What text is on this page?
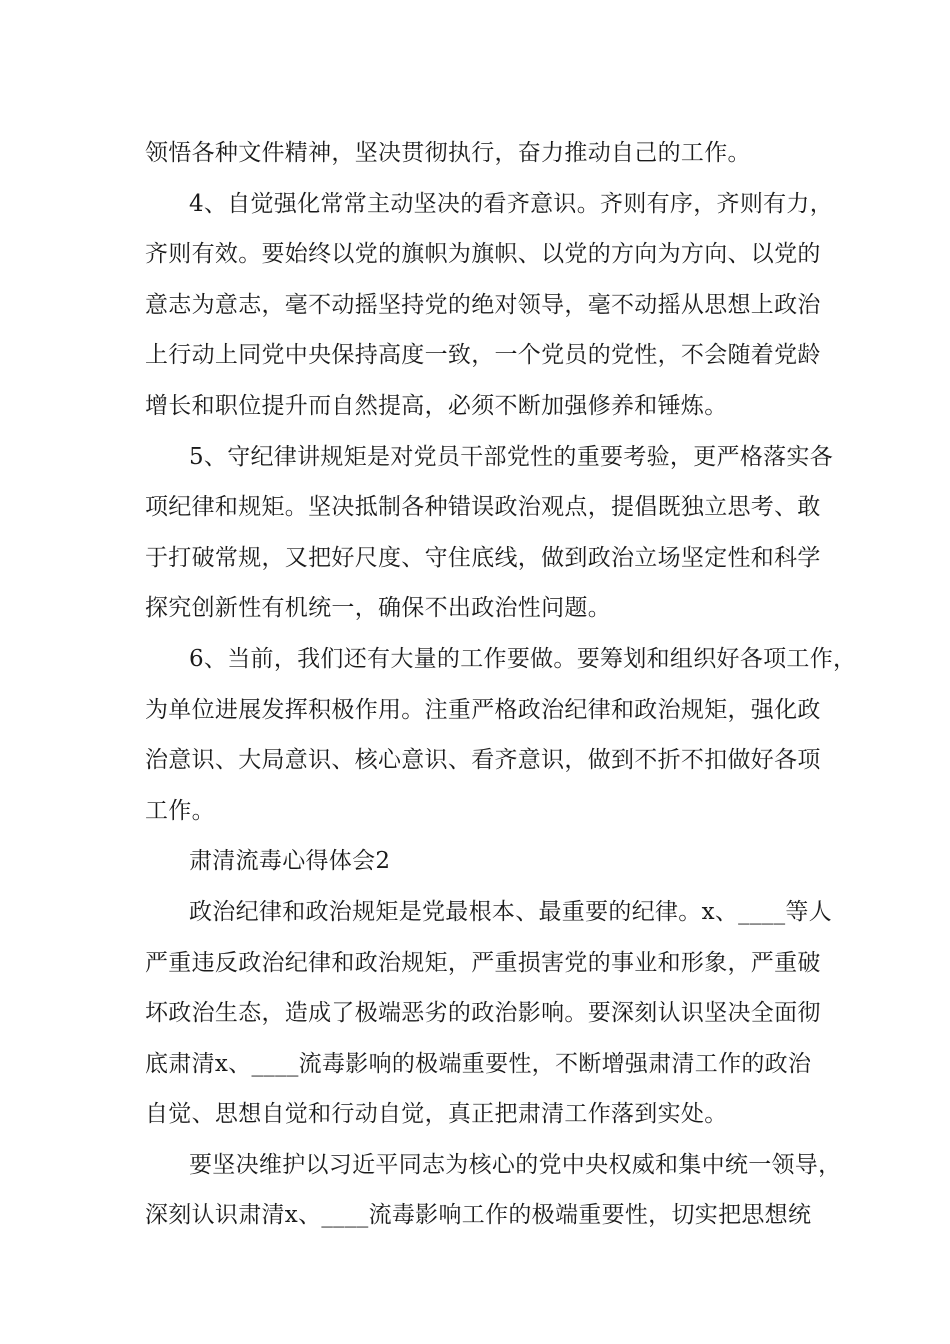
领悟各种文件精神，坚决贯彻执行，奋力推动自己的工作。
4、自觉强化常常主动坚决的看齐意识。齐则有序，齐则有力，
齐则有效。要始终以党的旗帜为旗帜、以党的方向为方向、以党的
意志为意志，毫不动摇坚持党的绝对领导，毫不动摇从思想上政治
上行动上同党中央保持高度一致，一个党员的党性，不会随着党龄
增长和职位提升而自然提高，必须不断加强修养和锤炼。
5、守纪律讲规矩是对党员干部党性的重要考验，更严格落实各
项纪律和规矩。坚决抵制各种错误政治观点，提倡既独立思考、敢
于打破常规，又把好尺度、守住底线，做到政治立场坚定性和科学
探究创新性有机统一，确保不出政治性问题。
6、当前，我们还有大量的工作要做。要筹划和组织好各项工作，
为单位进展发挥积极作用。注重严格政治纪律和政治规矩，强化政
治意识、大局意识、核心意识、看齐意识，做到不折不扣做好各项
工作。
肃清流毒心得体会2
政治纪律和政治规矩是党最根本、最重要的纪律。x、____等人
严重违反政治纪律和政治规矩，严重损害党的事业和形象，严重破
坏政治生态，造成了极端恶劣的政治影响。要深刻认识坚决全面彻
底肃清x、____流毒影响的极端重要性，不断增强肃清工作的政治
自觉、思想自觉和行动自觉，真正把肃清工作落到实处。
要坚决维护以习近平同志为核心的党中央权威和集中统一领导，
深刻认识肃清x、____流毒影响工作的极端重要性，切实把思想统
